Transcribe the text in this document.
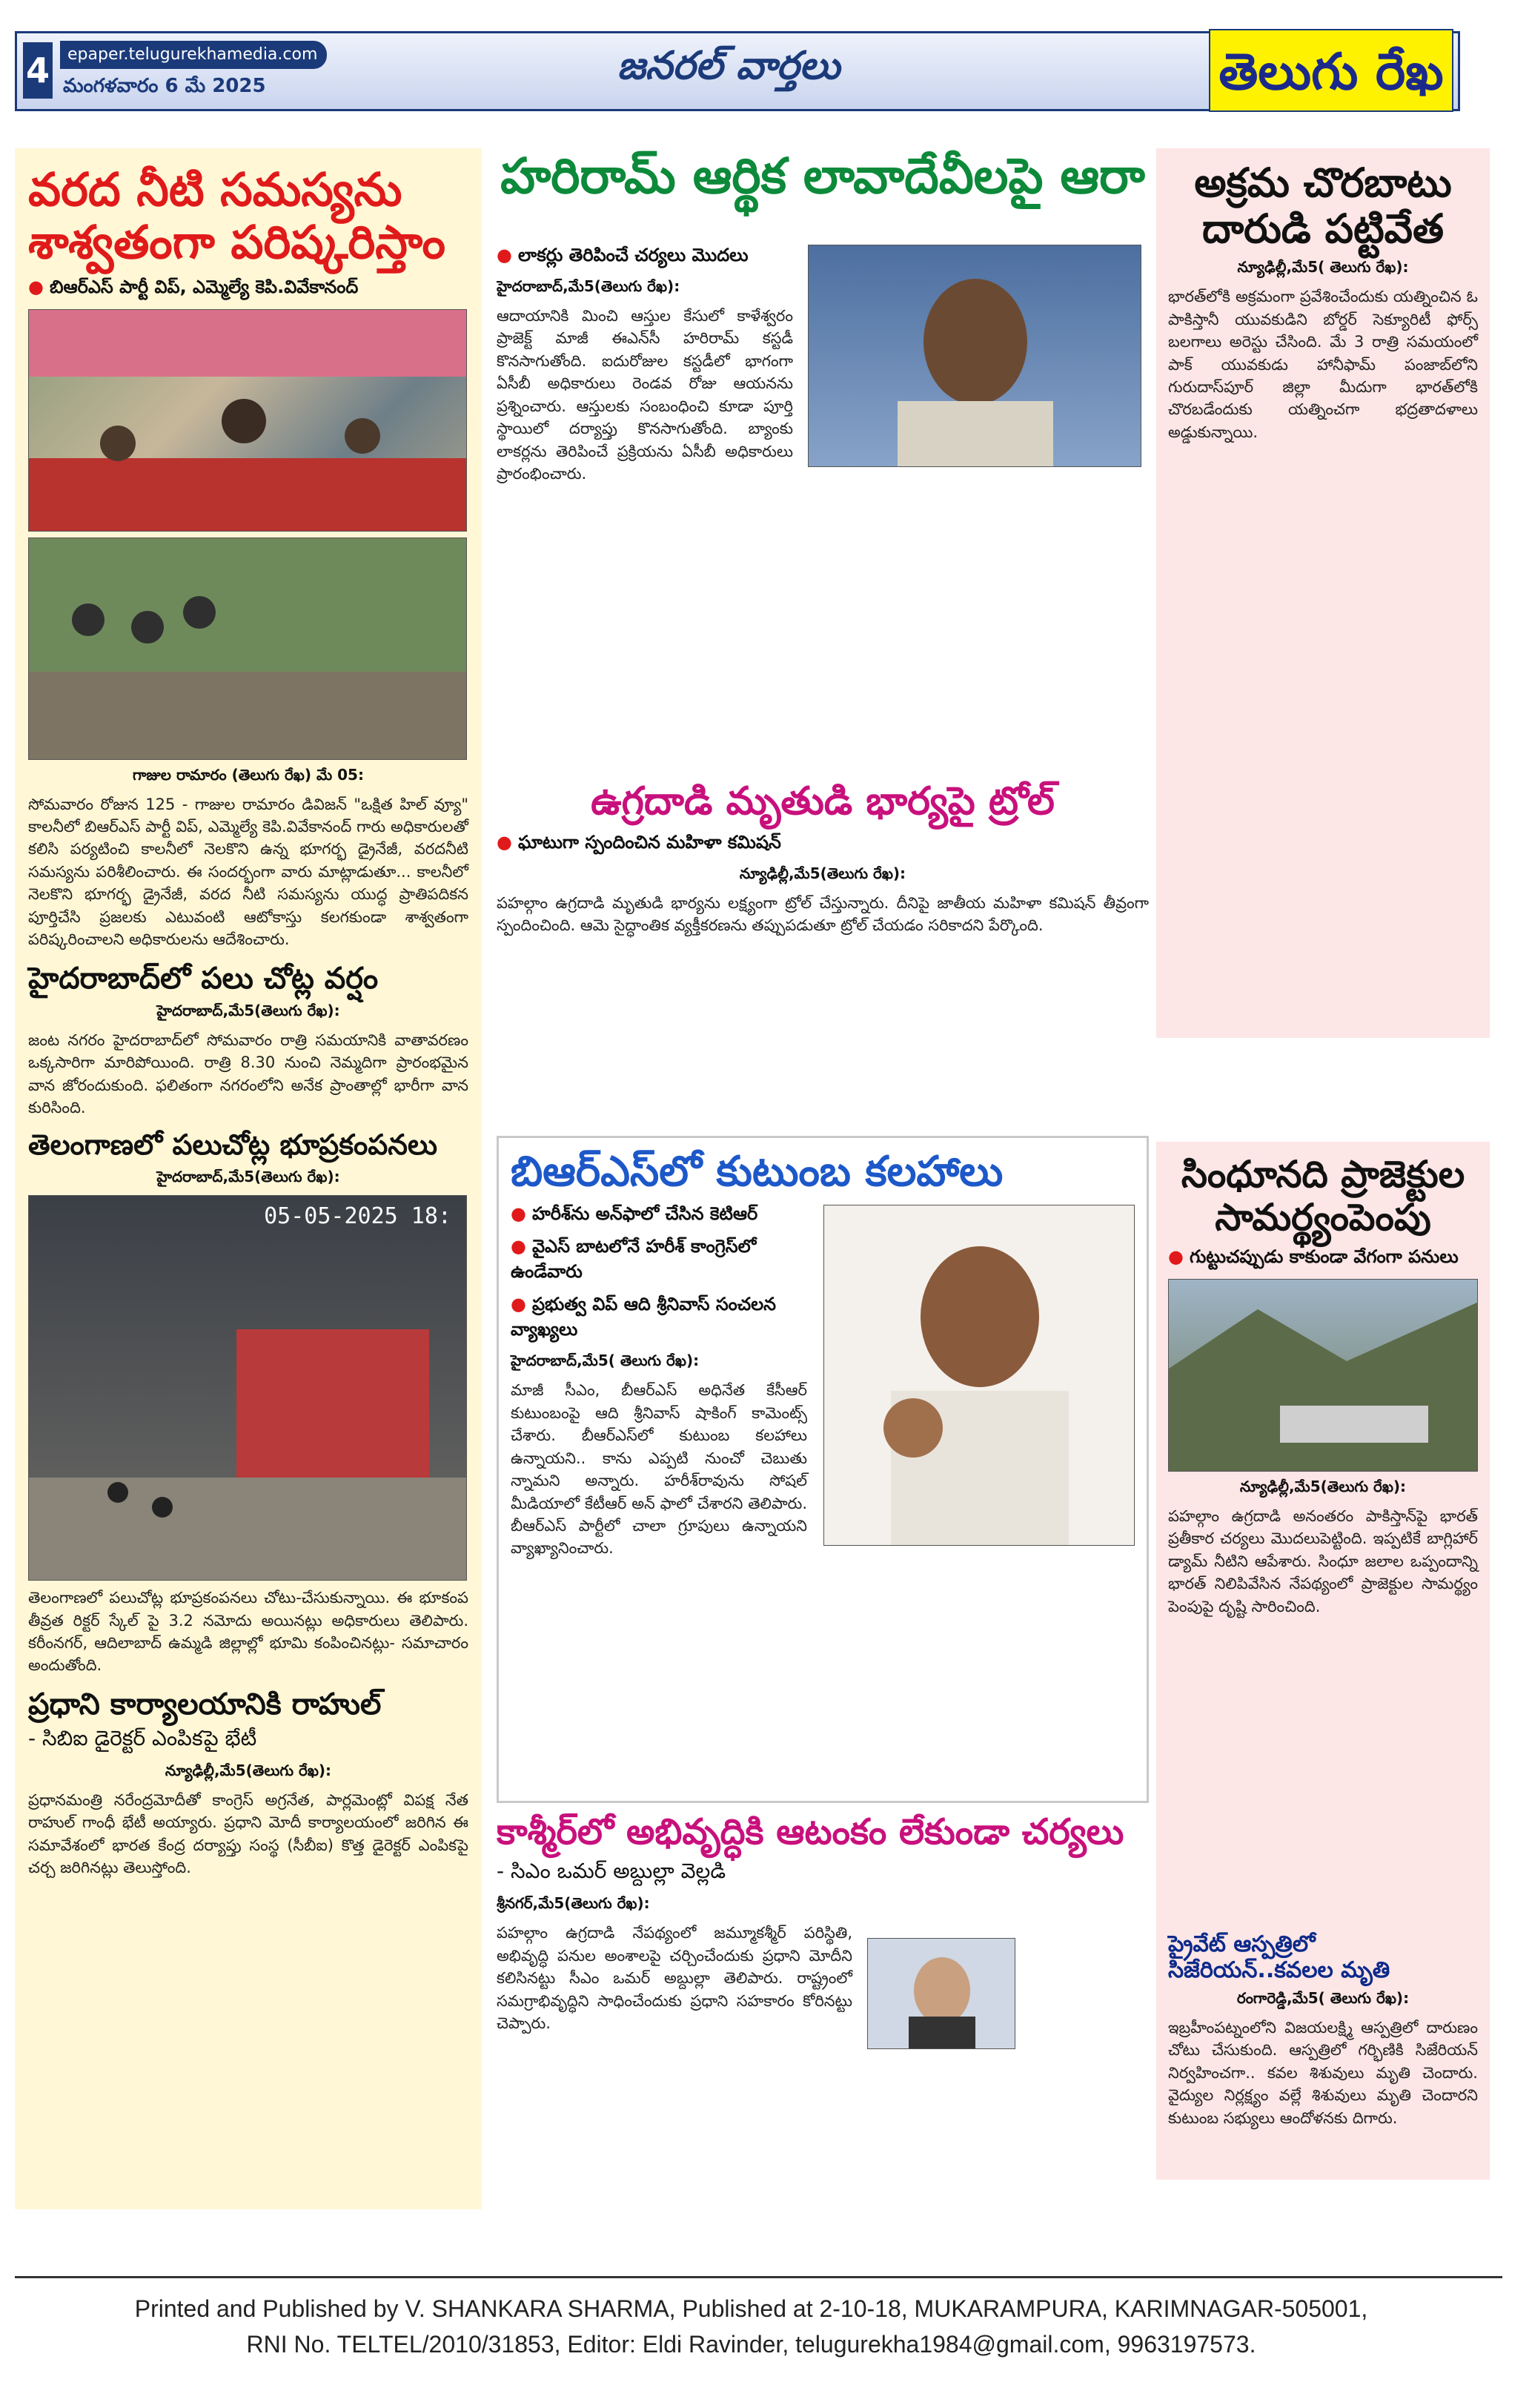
4	epaper.telugurekhamedia.com
మంగళవారం 6 మే 2025	జనరల్ వార్తలు	తెలుగు రేఖ
వరద నీటి సమస్యను శాశ్వతంగా పరిష్కరిస్తాం
● బిఆర్ఎస్ పార్టీ విప్, ఎమ్మెల్యే కెపి.వివేకానంద్
గాజుల రామారం (తెలుగు రేఖ) మే 05:

సోమవారం రోజున 125 - గాజుల రామారం డివిజన్ "ఒక్షిత హిల్ వ్యూ" కాలనీలో బిఆర్ఎస్ పార్టీ విప్, ఎమ్మెల్యే కెపి.వివేకానంద్ గారు అధికారులతో కలిసి పర్యటించి కాలనీలో నెలకొని ఉన్న భూగర్భ డ్రైనేజీ, వరదనీటి సమస్యను పరిశీలించారు. ఈ సందర్భంగా వారు మాట్లాడుతూ... కాలనీలో నెలకొని భూగర్భ డ్రైనేజీ, వరద నీటి సమస్యను యుద్ధ ప్రాతిపదికన పూర్తిచేసి ప్రజలకు ఎటువంటి ఆటోకాస్తు కలగకుండా శాశ్వతంగా పరిష్కరించాలని అధికారులను ఆదేశించారు.

హైదరాబాద్‌లో పలు చోట్ల వర్షం
హైదరాబాద్,మే5(తెలుగు రేఖ):

జంట నగరం హైదరాబాద్‌లో సోమవారం రాత్రి సమయానికి వాతావరణం ఒక్కసారిగా మారిపోయింది. రాత్రి 8.30 నుంచి నెమ్మదిగా ప్రారంభమైన వాన జోరందుకుంది. ఫలితంగా నగరంలోని అనేక ప్రాంతాల్లో భారీగా వాన కురిసింది.

తెలంగాణలో పలుచోట్ల భూప్రకంపనలు
హైదరాబాద్,మే5(తెలుగు రేఖ):
05-05-2025 18:

తెలంగాణలో పలుచోట్ల భూప్రకంపనలు చోటు-చేసుకున్నాయి. ఈ భూకంప తీవ్రత రిక్టర్ స్కేల్ పై 3.2 నమోదు అయినట్లు అధికారులు తెలిపారు. కరీంనగర్, ఆదిలాబాద్ ఉమ్మడి జిల్లాల్లో భూమి కంపించినట్లు- సమాచారం అందుతోంది.

ప్రధాని కార్యాలయానికి రాహుల్
- సిబిఐ డైరెక్టర్ ఎంపికపై భేటీ
న్యూఢిల్లీ,మే5(తెలుగు రేఖ):

ప్రధానమంత్రి నరేంద్రమోదీతో కాంగ్రెస్ అగ్రనేత, పార్లమెంట్లో విపక్ష నేత రాహుల్ గాంధీ భేటీ అయ్యారు. ప్రధాని మోదీ కార్యాలయంలో జరిగిన ఈ సమావేశంలో భారత కేంద్ర దర్యాప్తు సంస్థ (సీబీఐ) కొత్త డైరెక్టర్ ఎంపికపై చర్చ జరిగినట్లు తెలుస్తోంది.

హరిరామ్ ఆర్థిక లావాదేవీలపై ఆరా
● లాకర్లు తెరిపించే చర్యలు మొదలు
హైదరాబాద్,మే5(తెలుగు రేఖ):

ఆదాయానికి మించి ఆస్తుల కేసులో కాళేశ్వరం ప్రాజెక్ట్ మాజీ ఈఎన్‌సీ హరిరామ్ కస్టడీ కొనసాగుతోంది. ఐదురోజుల కస్టడీలో భాగంగా ఏసీబీ అధికారులు రెండవ రోజు ఆయనను ప్రశ్నించారు. ఆస్తులకు సంబంధించి కూడా పూర్తి స్థాయిలో దర్యాప్తు కొనసాగుతోంది. బ్యాంకు లాకర్లను తెరిపించే ప్రక్రియను ఏసీబీ అధికారులు ప్రారంభించారు.

ఉగ్రదాడి మృతుడి భార్యపై ట్రోల్
● ఘాటుగా స్పందించిన మహిళా కమిషన్
న్యూఢిల్లీ,మే5(తెలుగు రేఖ):

పహల్గాం ఉగ్రదాడి మృతుడి భార్యను లక్ష్యంగా ట్రోల్ చేస్తున్నారు. దీనిపై జాతీయ మహిళా కమిషన్ తీవ్రంగా స్పందించింది. ఆమె సైద్ధాంతిక వ్యక్తీకరణను తప్పుపడుతూ ట్రోల్ చేయడం సరికాదని పేర్కొంది.

బిఆర్ఎస్‌లో కుటుంబ కలహాలు
● హరీశ్‌ను అన్‌ఫాలో చేసిన కెటిఆర్
● వైఎస్ బాటలోనే హరీశ్ కాంగ్రెస్‌లో ఉండేవారు
● ప్రభుత్వ విప్ ఆది శ్రీనివాస్ సంచలన వ్యాఖ్యలు
హైదరాబాద్,మే5( తెలుగు రేఖ):

మాజీ సీఎం, బీఆర్‌ఎస్ అధినేత కేసీఆర్ కుటుంబంపై ఆది శ్రీనివాస్ షాకింగ్ కామెంట్స్ చేశారు. బీఆర్‌ఎస్‌లో కుటుంబ కలహాలు ఉన్నాయని.. కాను ఎప్పటి నుంచో చెబుతు న్నామని అన్నారు. హరీశ్‌రావును సోషల్ మీడియాలో కేటీఆర్ అన్ ఫాలో చేశారని తెలిపారు. బీఆర్‌ఎస్ పార్టీలో చాలా గ్రూపులు ఉన్నాయని వ్యాఖ్యానించారు.

కాశ్మీర్‌లో అభివృద్ధికి ఆటంకం లేకుండా చర్యలు
- సిఎం ఒమర్ అబ్దుల్లా వెల్లడి
శ్రీనగర్,మే5(తెలుగు రేఖ):

పహల్గాం ఉగ్రదాడి నేపథ్యంలో జమ్మూకశ్మీర్ పరిస్థితి, అభివృద్ధి పనుల అంశాలపై చర్చించేందుకు ప్రధాని మోదీని కలిసినట్టు సీఎం ఒమర్ అబ్దుల్లా తెలిపారు. రాష్ట్రంలో సమగ్రాభివృద్ధిని సాధించేందుకు ప్రధాని సహకారం కోరినట్టు చెప్పారు.

అక్రమ చొరబాటు దారుడి పట్టివేత
న్యూఢిల్లీ,మే5( తెలుగు రేఖ):

భారత్‌లోకి అక్రమంగా ప్రవేశించేందుకు యత్నించిన ఓ పాకిస్తానీ యువకుడిని బోర్డర్ సెక్యూరిటీ ఫోర్స్ బలగాలు అరెస్టు చేసింది. మే 3 రాత్రి సమయంలో పాక్ యువకుడు హానీఫామ్ పంజాబ్‌లోని గురుదాస్‌పూర్ జిల్లా మీదుగా భారత్‌లోకి చొరబడేందుకు యత్నించగా భద్రతాదళాలు అడ్డుకున్నాయి.

సింధూనది ప్రాజెక్టుల సామర్థ్యంపెంపు
● గుట్టుచప్పుడు కాకుండా వేగంగా పనులు
న్యూఢిల్లీ,మే5(తెలుగు రేఖ):

పహల్గాం ఉగ్రదాడి అనంతరం పాకిస్తాన్‌పై భారత్ ప్రతీకార చర్యలు మొదలుపెట్టింది. ఇప్పటికే బాగ్లిహార్ డ్యామ్ నీటిని ఆపేశారు. సింధూ జలాల ఒప్పందాన్ని భారత్ నిలిపివేసిన నేపథ్యంలో ప్రాజెక్టుల సామర్థ్యం పెంపుపై దృష్టి సారించింది.

ప్రైవేట్ ఆస్పత్రిలో సిజేరియన్..కవలల మృతి
రంగారెడ్డి,మే5( తెలుగు రేఖ):

ఇబ్రహీంపట్నంలోని విజయలక్ష్మి ఆస్పత్రిలో దారుణం చోటు చేసుకుంది. ఆస్పత్రిలో గర్భిణికి సిజేరియన్ నిర్వహించగా.. కవల శిశువులు మృతి చెందారు. వైద్యుల నిర్లక్ష్యం వల్లే శిశువులు మృతి చెందారని కుటుంబ సభ్యులు ఆందోళనకు దిగారు.

Printed and Published by V. SHANKARA SHARMA, Published at 2-10-18, MUKARAMPURA, KARIMNAGAR-505001,
RNI No. TELTEL/2010/31853, Editor: Eldi Ravinder, telugurekha1984@gmail.com, 9963197573.
